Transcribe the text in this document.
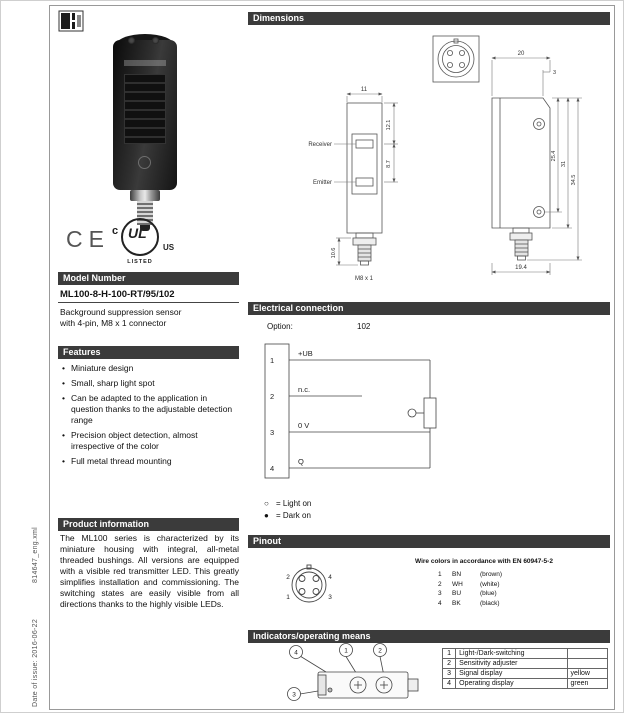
Date of issue: 2016-06-22814647_eng.xml
CE c UL
US
LISTED
Model Number
ML100-8-H-100-RT/95/102
Background suppression sensor
with 4-pin, M8 x 1 connector
Features
• Miniature design
• Small, sharp light spot
• Can be adapted to the application in question thanks to the adjustable detection range
• Precision object detection, almost irrespective of the color
• Full metal thread mounting
Product information
The ML100 series is characterized by its miniature housing with integral, all-metal threaded bushings. All versions are equipped with a visible red transmitter LED. This greatly simplifies installation and commissioning. The switching states are easily visible from all directions thanks to the highly visible LEDs.
Dimensions
Receiver
Emitter
11
12.1
8.7
10.6
M8 x 1
20
3
25.4
31
34.5
19.4
Electrical connection
Option:	102
1
2
3
4
+UB
n.c.
0 V
Q
○ = Light on
● = Dark on
Pinout
2	4
1	3
Wire colors in accordance with EN 60947-5-2
1 BN	(brown)
2 WH	(white)
3 BU	(blue)
4 BK	(black)
Indicators/operating means
4	1	2
3
1	Light-/Dark-switching	
2	Sensitivity adjuster	
3	Signal display	yellow
4	Operating display	green
